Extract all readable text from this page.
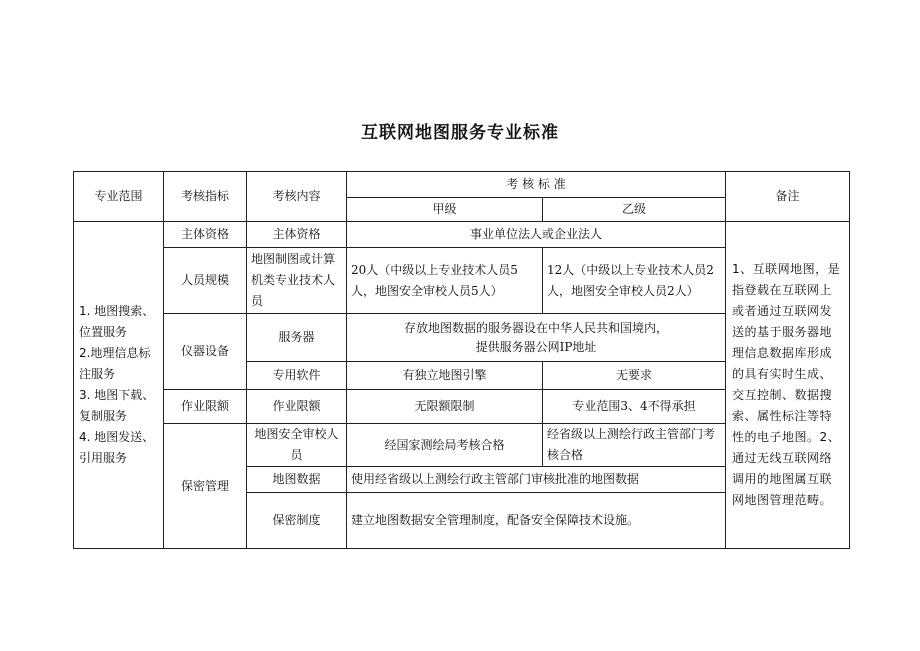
互联网地图服务专业标准
专业范围	考核指标	考核内容	考 核 标 准		备注
			甲级	乙级	

1. 地图搜索、位置服务
2.地理信息标注服务
3. 地图下载、复制服务
4. 地图发送、引用服务	主体资格	主体资格	事业单位法人或企业法人		1、互联网地图，是指登载在互联网上或者通过互联网发送的基于服务器地理信息数据库形成的具有实时生成、交互控制、数据搜索、属性标注等特性的电子地图。2、通过无线互联网络调用的地图属互联网地图管理范畴。
	人员规模	地图制图或计算机类专业技术人员	20人（中级以上专业技术人员5人，地图安全审校人员5人）	12人（中级以上专业技术人员2人，地图安全审校人员2人）	
	仪器设备	服务器	存放地图数据的服务器设在中华人民共和国境内，
提供服务器公网IP地址		

		专用软件	有独立地图引擎	无要求	
	作业限额	作业限额	无限额限制	专业范围3、4不得承担	
	保密管理	地图安全审校人员	经国家测绘局考核合格	经省级以上测绘行政主管部门考核合格	
		地图数据	使用经省级以上测绘行政主管部门审核批准的地图数据		
		保密制度	建立地图数据安全管理制度，配备安全保障技术设施。		
